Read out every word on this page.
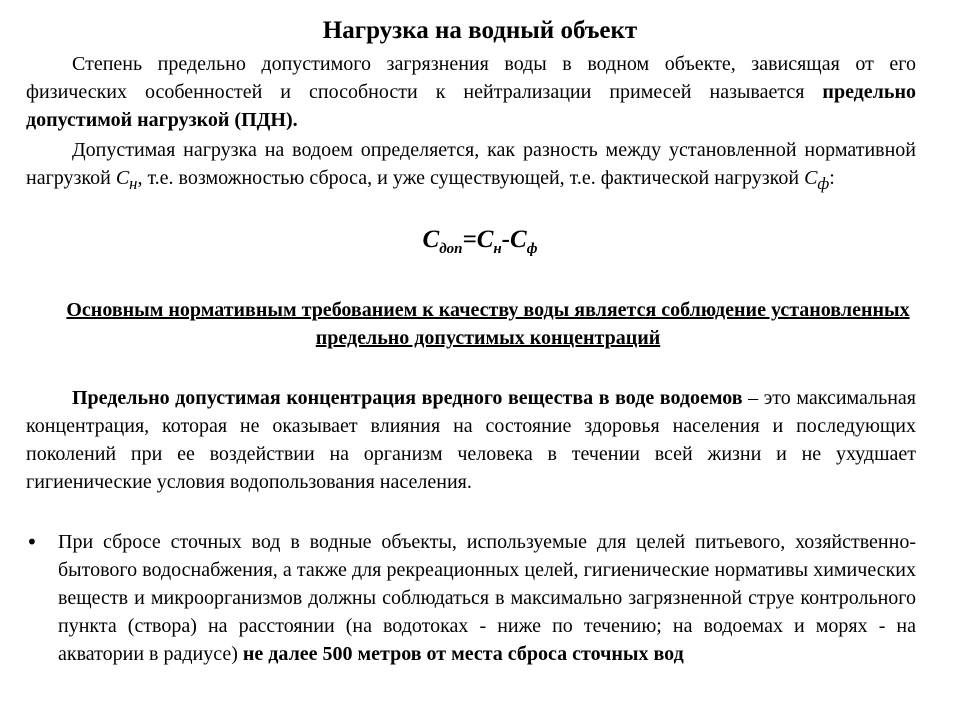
Нагрузка на водный объект
Степень предельно допустимого загрязнения воды в водном объекте, зависящая от его физических особенностей и способности к нейтрализации примесей называется предельно допустимой нагрузкой (ПДН).
Допустимая нагрузка на водоем определяется, как разность между установленной нормативной нагрузкой $С_н$, т.е. возможностью сброса, и уже существующей, т.е. фактической нагрузкой $С_ф$:
$С_{доп}=С_н-С_ф$
Основным нормативным требованием к качеству воды является соблюдение установленных предельно допустимых концентраций
Предельно допустимая концентрация вредного вещества в воде водоемов – это максимальная концентрация, которая не оказывает влияния на состояние здоровья населения и последующих поколений при ее воздействии на организм человека в течении всей жизни и не ухудшает гигиенические условия водопользования населения.
• При сбросе сточных вод в водные объекты, используемые для целей питьевого, хозяйственно-бытового водоснабжения, а также для рекреационных целей, гигиенические нормативы химических веществ и микроорганизмов должны соблюдаться в максимально загрязненной струе контрольного пункта (створа) на расстоянии (на водотоках - ниже по течению; на водоемах и морях - на акватории в радиусе) не далее 500 метров от места сброса сточных вод
